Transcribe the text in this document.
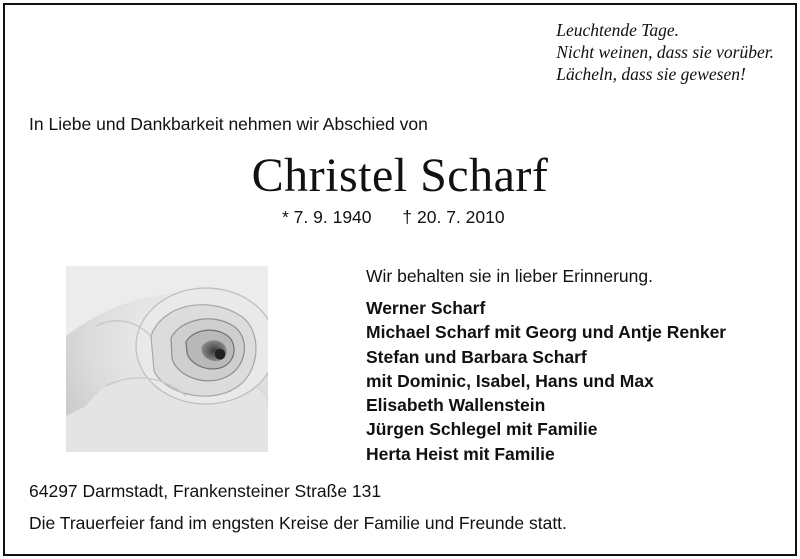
Leuchtende Tage.
Nicht weinen, dass sie vorüber.
Lächeln, dass sie gewesen!
In Liebe und Dankbarkeit nehmen wir Abschied von
Christel Scharf
* 7. 9. 1940 † 20. 7. 2010
Wir behalten sie in lieber Erinnerung.
Werner Scharf
Michael Scharf mit Georg und Antje Renker
Stefan und Barbara Scharf
mit Dominic, Isabel, Hans und Max
Elisabeth Wallenstein
Jürgen Schlegel mit Familie
Herta Heist mit Familie
64297 Darmstadt, Frankensteiner Straße 131
Die Trauerfeier fand im engsten Kreise der Familie und Freunde statt.
